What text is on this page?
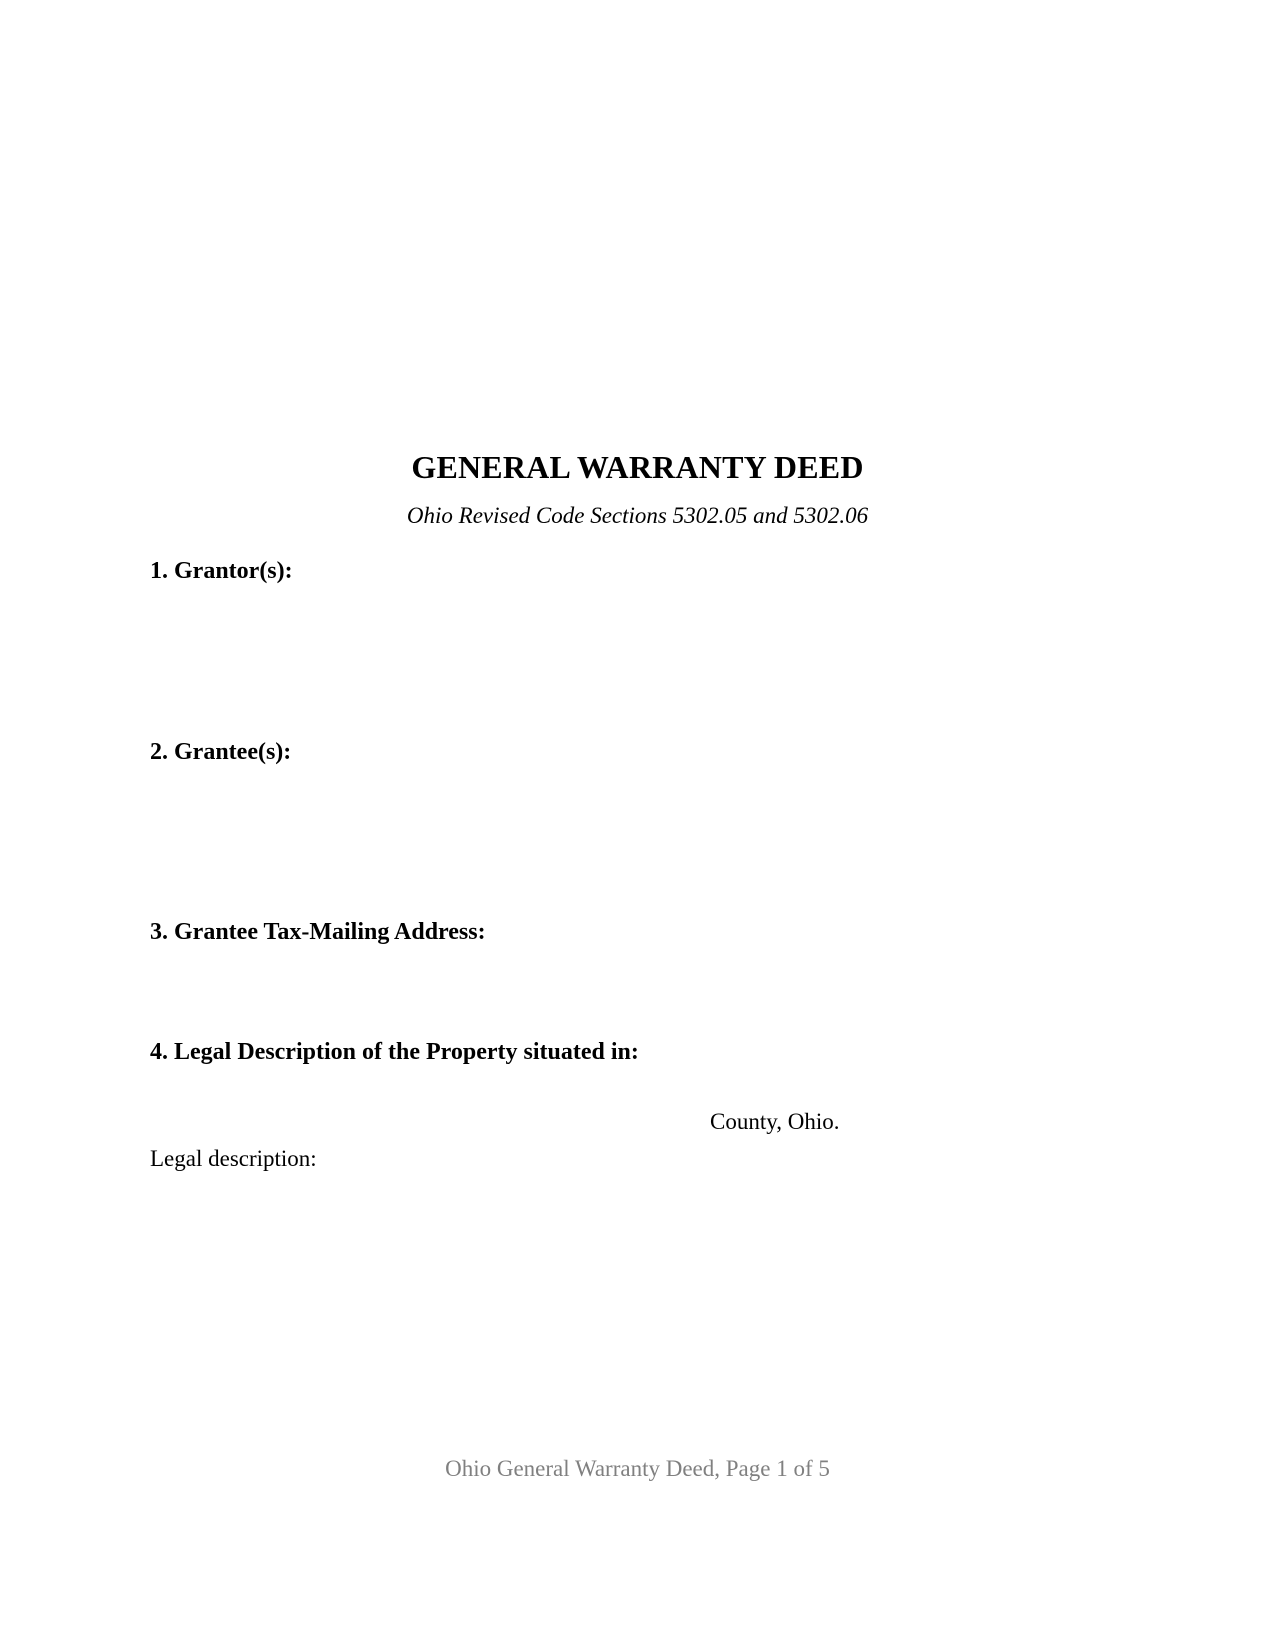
GENERAL WARRANTY DEED
Ohio Revised Code Sections 5302.05 and 5302.06
1. Grantor(s):
2. Grantee(s):
3. Grantee Tax-Mailing Address:
4. Legal Description of the Property situated in:
County, Ohio.
Legal description:
Ohio General Warranty Deed, Page 1 of 5
